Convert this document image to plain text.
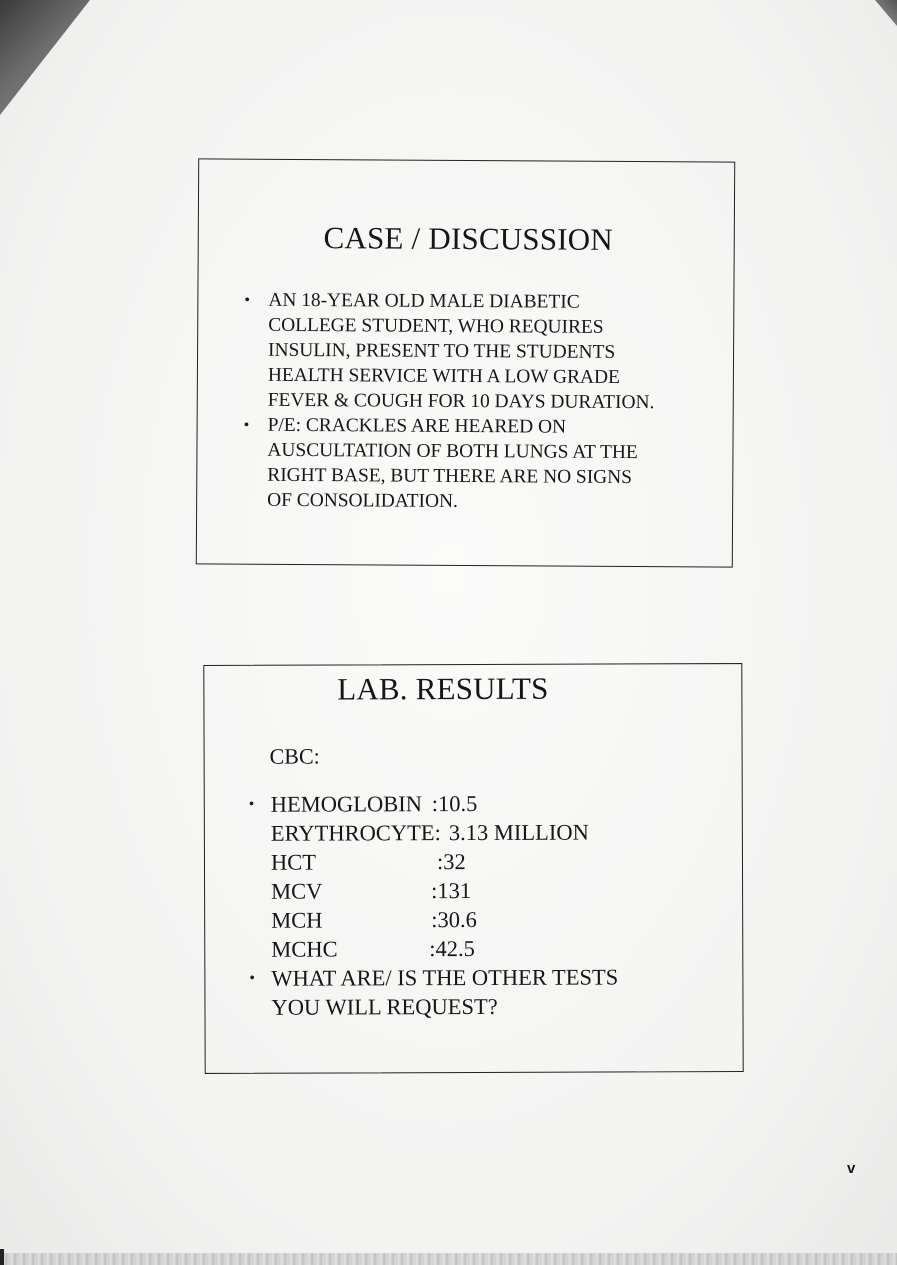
CASE / DISCUSSION
• AN 18-YEAR OLD MALE DIABETIC
COLLEGE STUDENT, WHO REQUIRES
INSULIN, PRESENT TO THE STUDENTS
HEALTH SERVICE WITH A LOW GRADE
FEVER & COUGH FOR 10 DAYS DURATION.
• P/E: CRACKLES ARE HEARED ON
AUSCULTATION OF BOTH LUNGS AT THE
RIGHT BASE, BUT THERE ARE NO SIGNS
OF CONSOLIDATION.
LAB. RESULTS
CBC:
• HEMOGLOBIN :10.5
ERYTHROCYTE: 3.13 MILLION
HCT	:32
MCV	:131
MCH	:30.6
MCHC	:42.5
• WHAT ARE/ IS THE OTHER TESTS
YOU WILL REQUEST?
v
